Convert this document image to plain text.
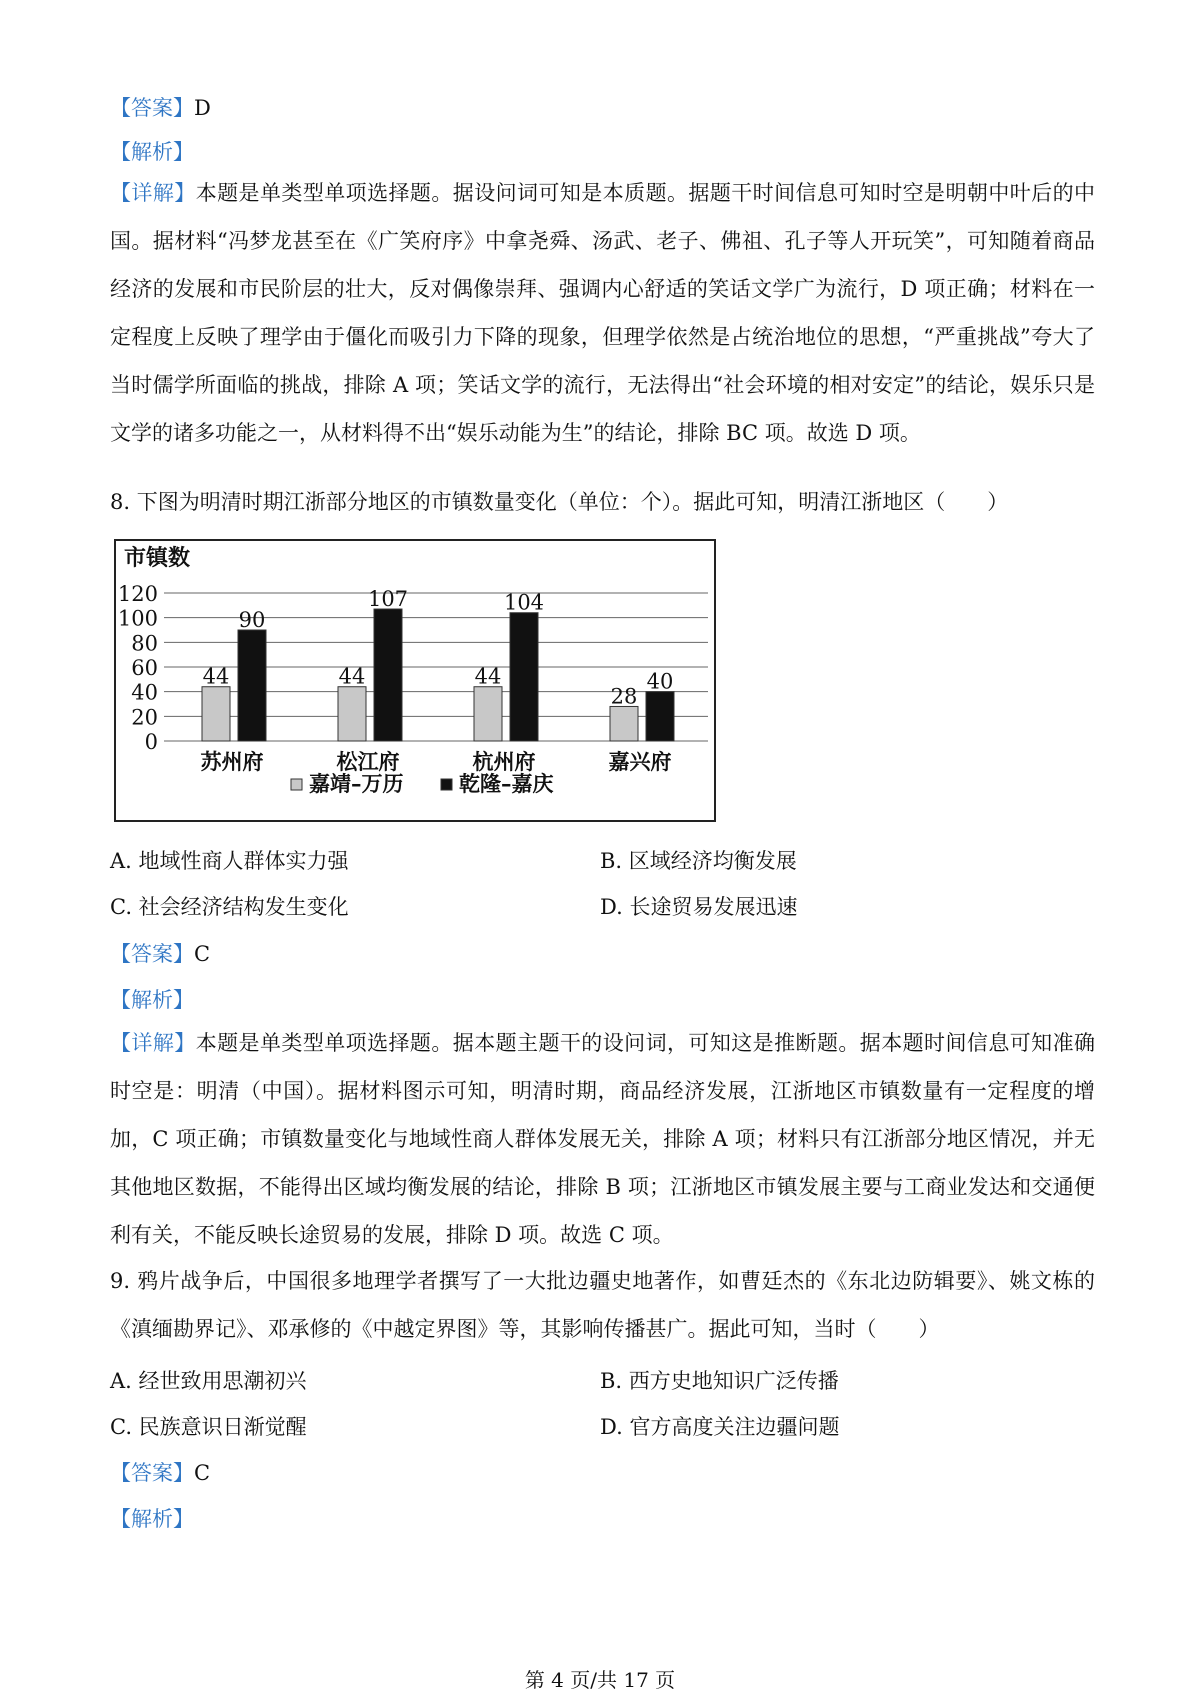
【答案】D
【解析】
【详解】本题是单类型单项选择题。据设问词可知是本质题。据题干时间信息可知时空是明朝中叶后的中国。据材料“冯梦龙甚至在《广笑府序》中拿尧舜、汤武、老子、佛祖、孔子等人开玩笑”，可知随着商品经济的发展和市民阶层的壮大，反对偶像崇拜、强调内心舒适的笑话文学广为流行，D 项正确；材料在一定程度上反映了理学由于僵化而吸引力下降的现象，但理学依然是占统治地位的思想，“严重挑战”夸大了当时儒学所面临的挑战，排除 A 项；笑话文学的流行，无法得出“社会环境的相对安定”的结论，娱乐只是文学的诸多功能之一，从材料得不出“娱乐动能为生”的结论，排除 BC 项。故选 D 项。
8. 下图为明清时期江浙部分地区的市镇数量变化（单位：个）。据此可知，明清江浙地区（　　）
市镇数
0
20
40
60
80
100
120
44
90
苏州府
44
107
松江府
44
104
杭州府
28
40
嘉兴府
嘉靖–万历	乾隆–嘉庆
A. 地域性商人群体实力强	B. 区域经济均衡发展
C. 社会经济结构发生变化	D. 长途贸易发展迅速
【答案】C
【解析】
【详解】本题是单类型单项选择题。据本题主题干的设问词，可知这是推断题。据本题时间信息可知准确时空是：明清（中国）。据材料图示可知，明清时期，商品经济发展，江浙地区市镇数量有一定程度的增加，C 项正确；市镇数量变化与地域性商人群体发展无关，排除 A 项；材料只有江浙部分地区情况，并无其他地区数据，不能得出区域均衡发展的结论，排除 B 项；江浙地区市镇发展主要与工商业发达和交通便利有关，不能反映长途贸易的发展，排除 D 项。故选 C 项。
9. 鸦片战争后，中国很多地理学者撰写了一大批边疆史地著作，如曹廷杰的《东北边防辑要》、姚文栋的《滇缅勘界记》、邓承修的《中越定界图》等，其影响传播甚广。据此可知，当时（　　）
A. 经世致用思潮初兴	B. 西方史地知识广泛传播
C. 民族意识日渐觉醒	D. 官方高度关注边疆问题
【答案】C
【解析】
第 4 页/共 17 页
